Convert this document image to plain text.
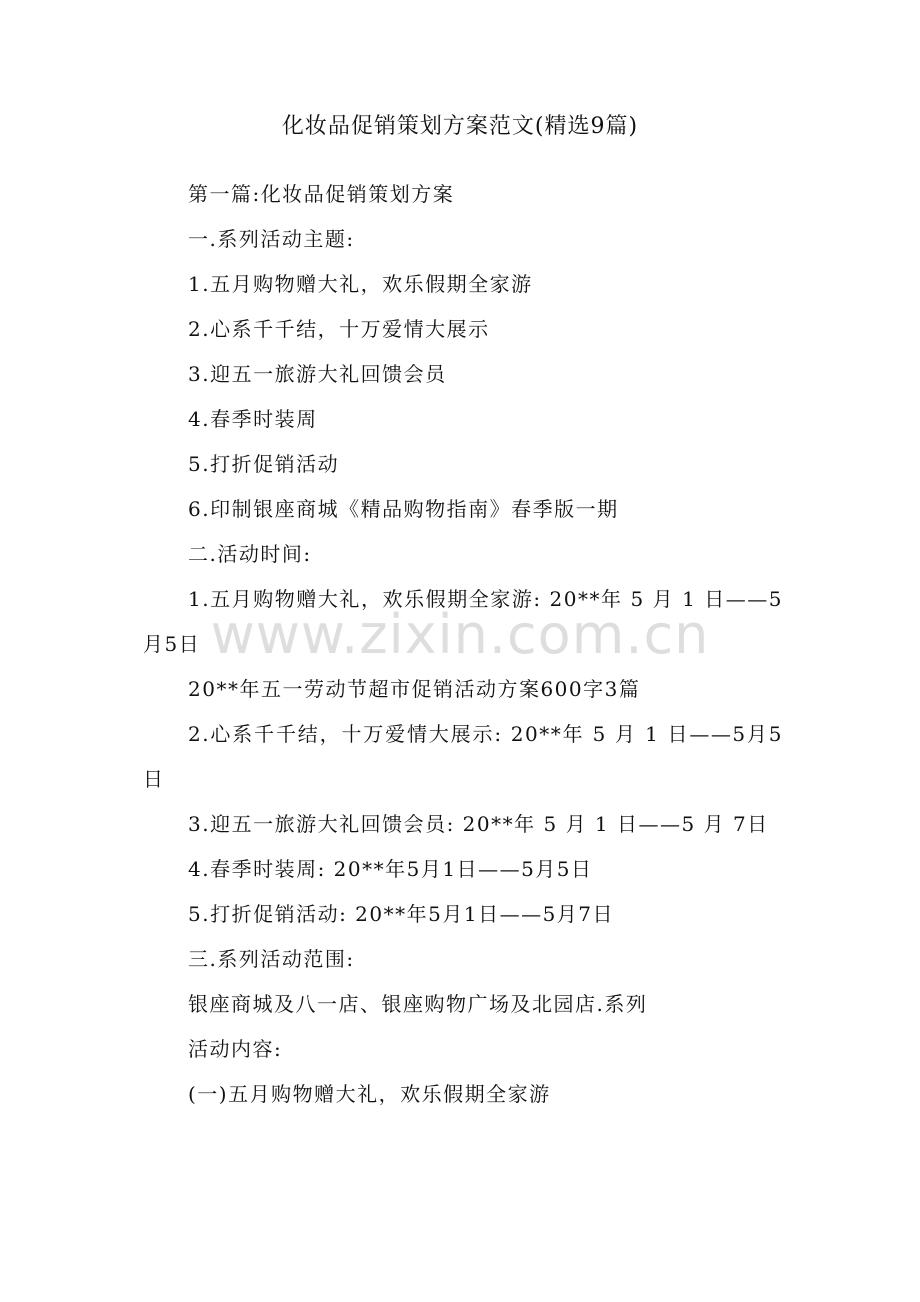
化妆品促销策划方案范文(精选9篇)
www.zixin.com.cn

第一篇:化妆品促销策划方案

一.系列活动主题:

1.五月购物赠大礼，欢乐假期全家游

2.心系千千结，十万爱情大展示

3.迎五一旅游大礼回馈会员

4.春季时装周

5.打折促销活动

6.印制银座商城《精品购物指南》春季版一期

二.活动时间:

1.五月购物赠大礼，欢乐假期全家游: 20**年 5 月 1 日——5月5日

20**年五一劳动节超市促销活动方案600字3篇

2.心系千千结，十万爱情大展示: 20**年 5 月 1 日——5月5日

3.迎五一旅游大礼回馈会员: 20**年 5 月 1 日——5 月 7日

4.春季时装周: 20**年5月1日——5月5日

5.打折促销活动: 20**年5月1日——5月7日

三.系列活动范围:

银座商城及八一店、银座购物广场及北园店.系列

活动内容:

(一)五月购物赠大礼，欢乐假期全家游
